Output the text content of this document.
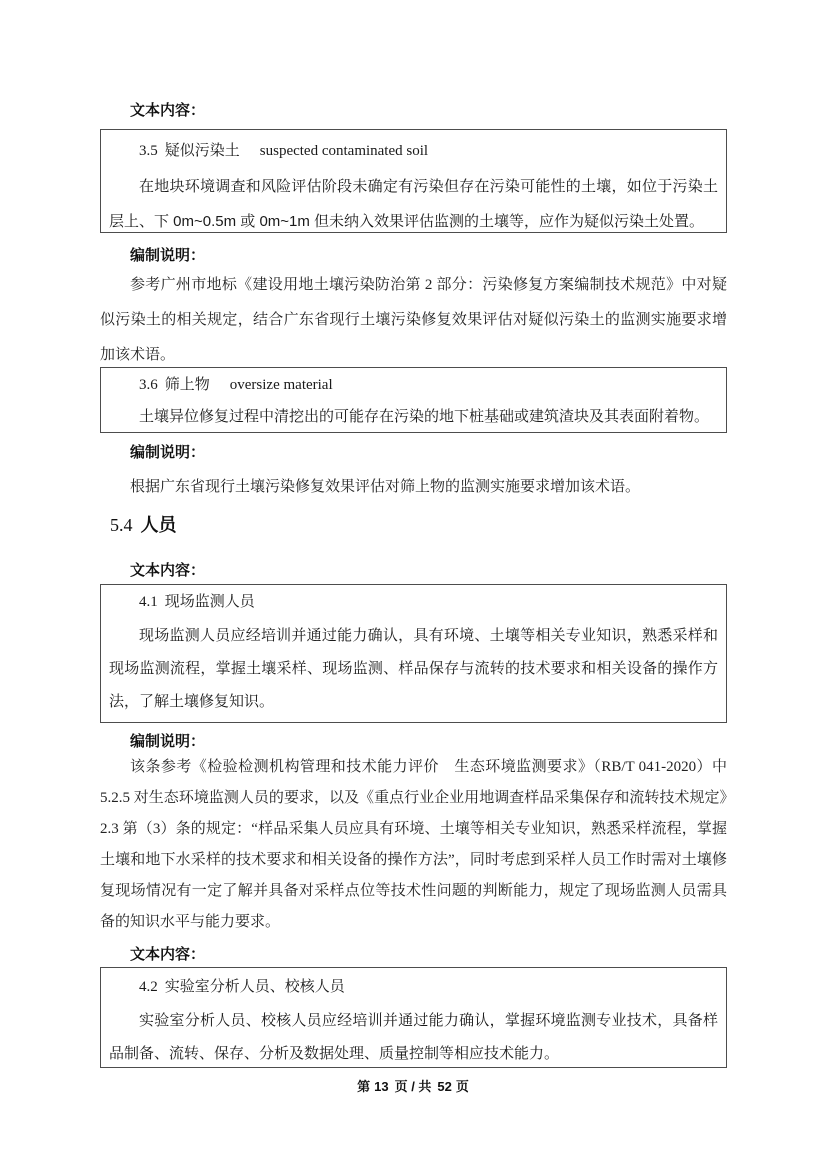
文本内容：
3.5 疑似污染土 suspected contaminated soil

在地块环境调查和风险评估阶段未确定有污染但存在污染可能性的土壤，如位于污染土层上、下 0m~0.5m 或 0m~1m 但未纳入效果评估监测的土壤等，应作为疑似污染土处置。

编制说明：

参考广州市地标《建设用地土壤污染防治第 2 部分：污染修复方案编制技术规范》中对疑似污染土的相关规定，结合广东省现行土壤污染修复效果评估对疑似污染土的监测实施要求增加该术语。

3.6 筛上物 oversize material

土壤异位修复过程中清挖出的可能存在污染的地下桩基础或建筑渣块及其表面附着物。

编制说明：

根据广东省现行土壤污染修复效果评估对筛上物的监测实施要求增加该术语。

5.4 人员
文本内容：
4.1 现场监测人员

现场监测人员应经培训并通过能力确认，具有环境、土壤等相关专业知识，熟悉采样和现场监测流程，掌握土壤采样、现场监测、样品保存与流转的技术要求和相关设备的操作方法，了解土壤修复知识。

编制说明：

该条参考《检验检测机构管理和技术能力评价　生态环境监测要求》（RB/T 041-2020）中 5.2.5 对生态环境监测人员的要求，以及《重点行业企业用地调查样品采集保存和流转技术规定》2.3 第（3）条的规定：“样品采集人员应具有环境、土壤等相关专业知识，熟悉采样流程，掌握土壤和地下水采样的技术要求和相关设备的操作方法”，同时考虑到采样人员工作时需对土壤修复现场情况有一定了解并具备对采样点位等技术性问题的判断能力，规定了现场监测人员需具备的知识水平与能力要求。

文本内容：
4.2 实验室分析人员、校核人员

实验室分析人员、校核人员应经培训并通过能力确认，掌握环境监测专业技术，具备样品制备、流转、保存、分析及数据处理、质量控制等相应技术能力。

第 13 页 / 共 52 页
